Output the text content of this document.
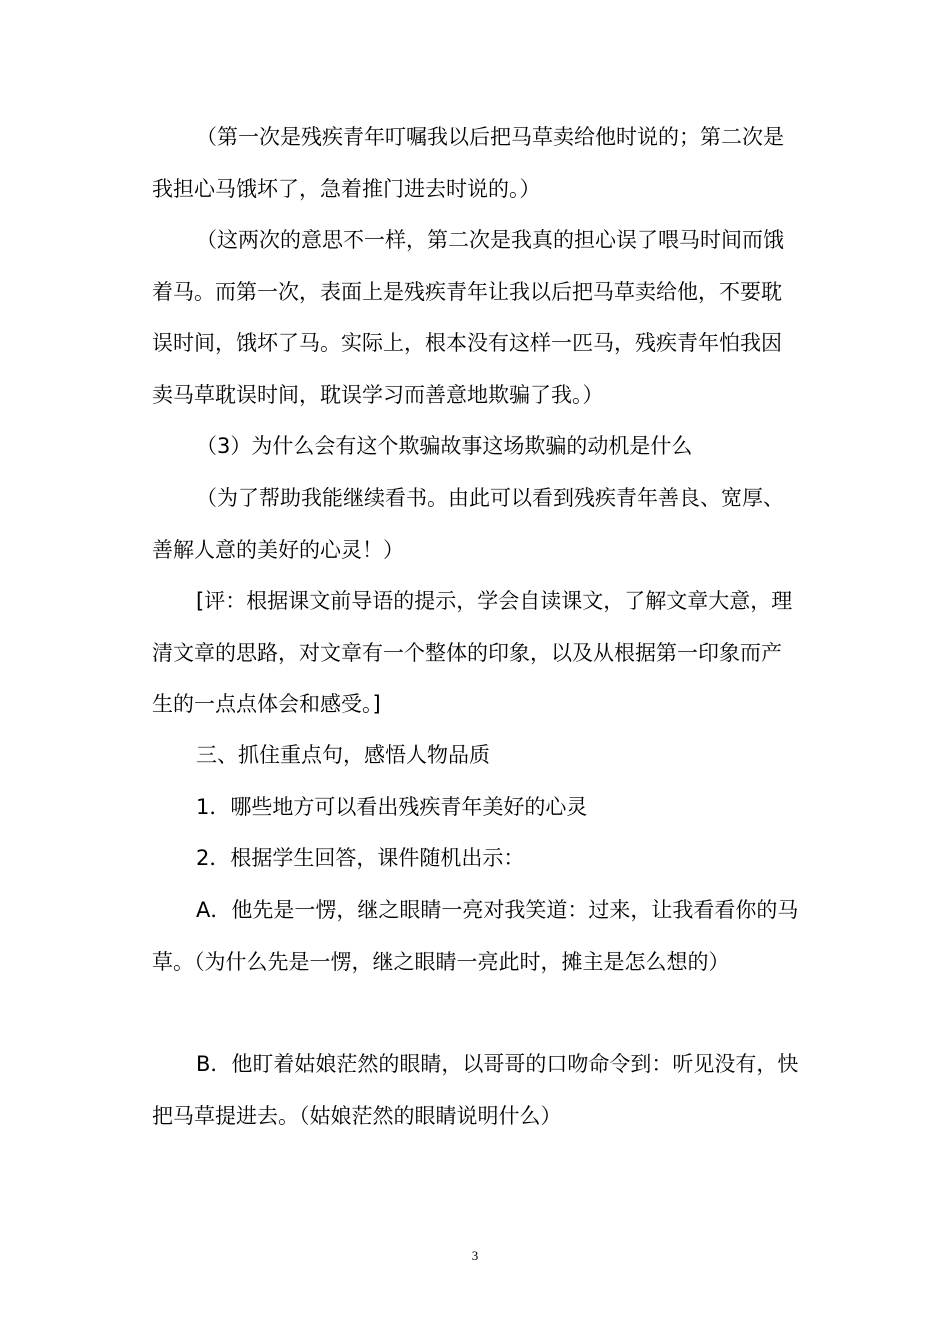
（第一次是残疾青年叮嘱我以后把马草卖给他时说的；第二次是我担心马饿坏了，急着推门进去时说的。）

（这两次的意思不一样，第二次是我真的担心误了喂马时间而饿着马。而第一次，表面上是残疾青年让我以后把马草卖给他，不要耽误时间，饿坏了马。实际上，根本没有这样一匹马，残疾青年怕我因卖马草耽误时间，耽误学习而善意地欺骗了我。）

（3）为什么会有这个欺骗故事这场欺骗的动机是什么

（为了帮助我能继续看书。由此可以看到残疾青年善良、宽厚、善解人意的美好的心灵！）

[评：根据课文前导语的提示，学会自读课文，了解文章大意，理清文章的思路，对文章有一个整体的印象，以及从根据第一印象而产生的一点点体会和感受。]

三、抓住重点句，感悟人物品质

1．哪些地方可以看出残疾青年美好的心灵

2．根据学生回答，课件随机出示：

A．他先是一愣，继之眼睛一亮对我笑道：过来，让我看看你的马草。（为什么先是一愣，继之眼睛一亮此时，摊主是怎么想的）

B．他盯着姑娘茫然的眼睛，以哥哥的口吻命令到：听见没有，快把马草提进去。（姑娘茫然的眼睛说明什么）

3
